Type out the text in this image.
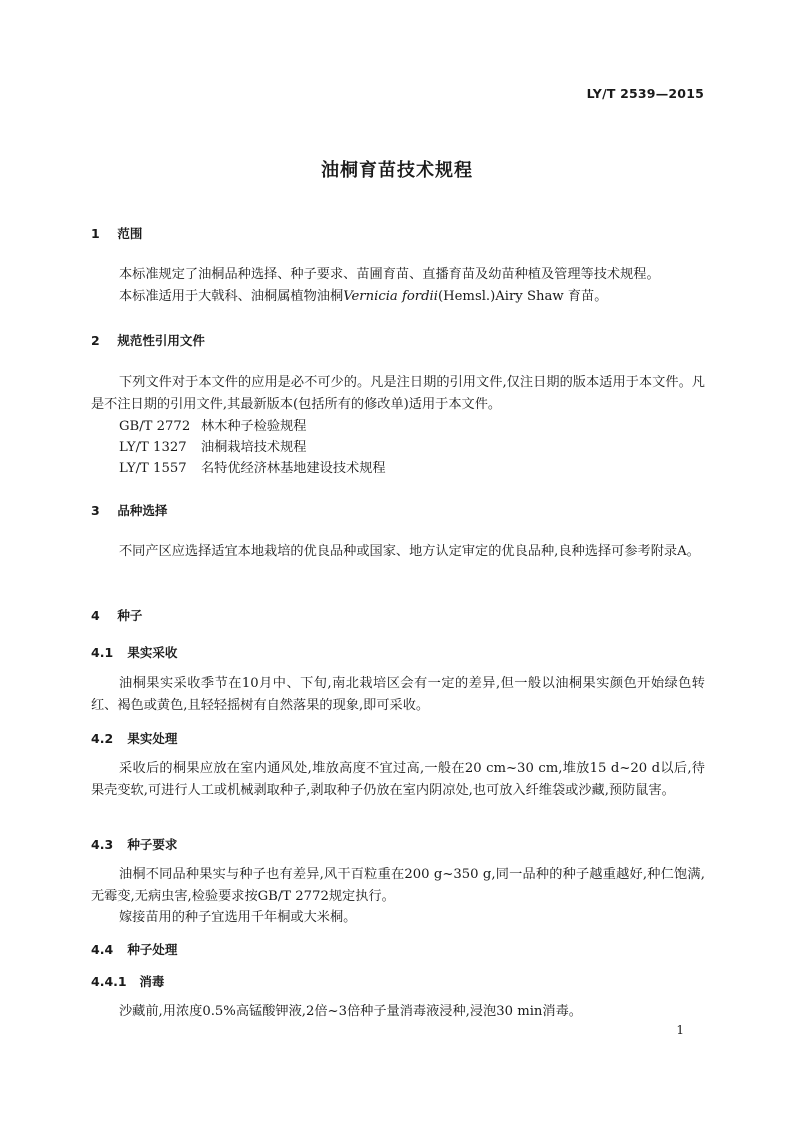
LY/T 2539—2015
油桐育苗技术规程
1 范围
本标准规定了油桐品种选择、种子要求、苗圃育苗、直播育苗及幼苗种植及管理等技术规程。
本标准适用于大戟科、油桐属植物油桐Vernicia fordii(Hemsl.)Airy Shaw 育苗。
2 规范性引用文件
下列文件对于本文件的应用是必不可少的。凡是注日期的引用文件,仅注日期的版本适用于本文件。凡是不注日期的引用文件,其最新版本(包括所有的修改单)适用于本文件。
GB/T 2772 林木种子检验规程
LY/T 1327 油桐栽培技术规程
LY/T 1557 名特优经济林基地建设技术规程
3 品种选择
不同产区应选择适宜本地栽培的优良品种或国家、地方认定审定的优良品种,良种选择可参考附录A。
4 种子
4.1 果实采收
油桐果实采收季节在10月中、下旬,南北栽培区会有一定的差异,但一般以油桐果实颜色开始绿色转红、褐色或黄色,且轻轻摇树有自然落果的现象,即可采收。
4.2 果实处理
采收后的桐果应放在室内通风处,堆放高度不宜过高,一般在20 cm~30 cm,堆放15 d~20 d以后,待果壳变软,可进行人工或机械剥取种子,剥取种子仍放在室内阴凉处,也可放入纤维袋或沙藏,预防鼠害。
4.3 种子要求
油桐不同品种果实与种子也有差异,风干百粒重在200 g~350 g,同一品种的种子越重越好,种仁饱满,无霉变,无病虫害,检验要求按GB/T 2772规定执行。
嫁接苗用的种子宜选用千年桐或大米桐。
4.4 种子处理
4.4.1 消毒
沙藏前,用浓度0.5%高锰酸钾液,2倍~3倍种子量消毒液浸种,浸泡30 min消毒。
1
